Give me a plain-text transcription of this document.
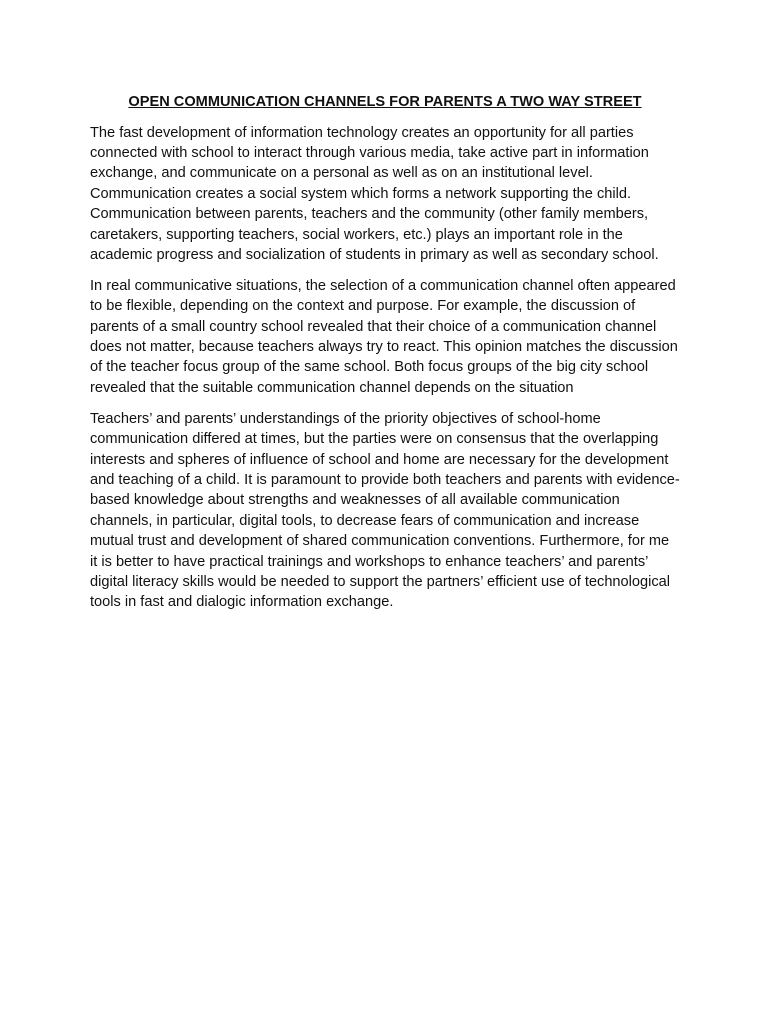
OPEN COMMUNICATION CHANNELS FOR PARENTS A TWO WAY STREET

The fast development of information technology creates an opportunity for all parties connected with school to interact through various media, take active part in information exchange, and communicate on a personal as well as on an institutional level. Communication creates a social system which forms a network supporting the child. Communication between parents, teachers and the community (other family members, caretakers, supporting teachers, social workers, etc.) plays an important role in the academic progress and socialization of students in primary as well as secondary school.

In real communicative situations, the selection of a communication channel often appeared to be flexible, depending on the context and purpose. For example, the discussion of parents of a small country school revealed that their choice of a communication channel does not matter, because teachers always try to react. This opinion matches the discussion of the teacher focus group of the same school. Both focus groups of the big city school revealed that the suitable communication channel depends on the situation

Teachers’ and parents’ understandings of the priority objectives of school-home communication differed at times, but the parties were on consensus that the overlapping interests and spheres of influence of school and home are necessary for the development and teaching of a child. It is paramount to provide both teachers and parents with evidence-based knowledge about strengths and weaknesses of all available communication channels, in particular, digital tools, to decrease fears of communication and increase mutual trust and development of shared communication conventions. Furthermore, for me it is better to have practical trainings and workshops to enhance teachers’ and parents’ digital literacy skills would be needed to support the partners’ efficient use of technological tools in fast and dialogic information exchange.
